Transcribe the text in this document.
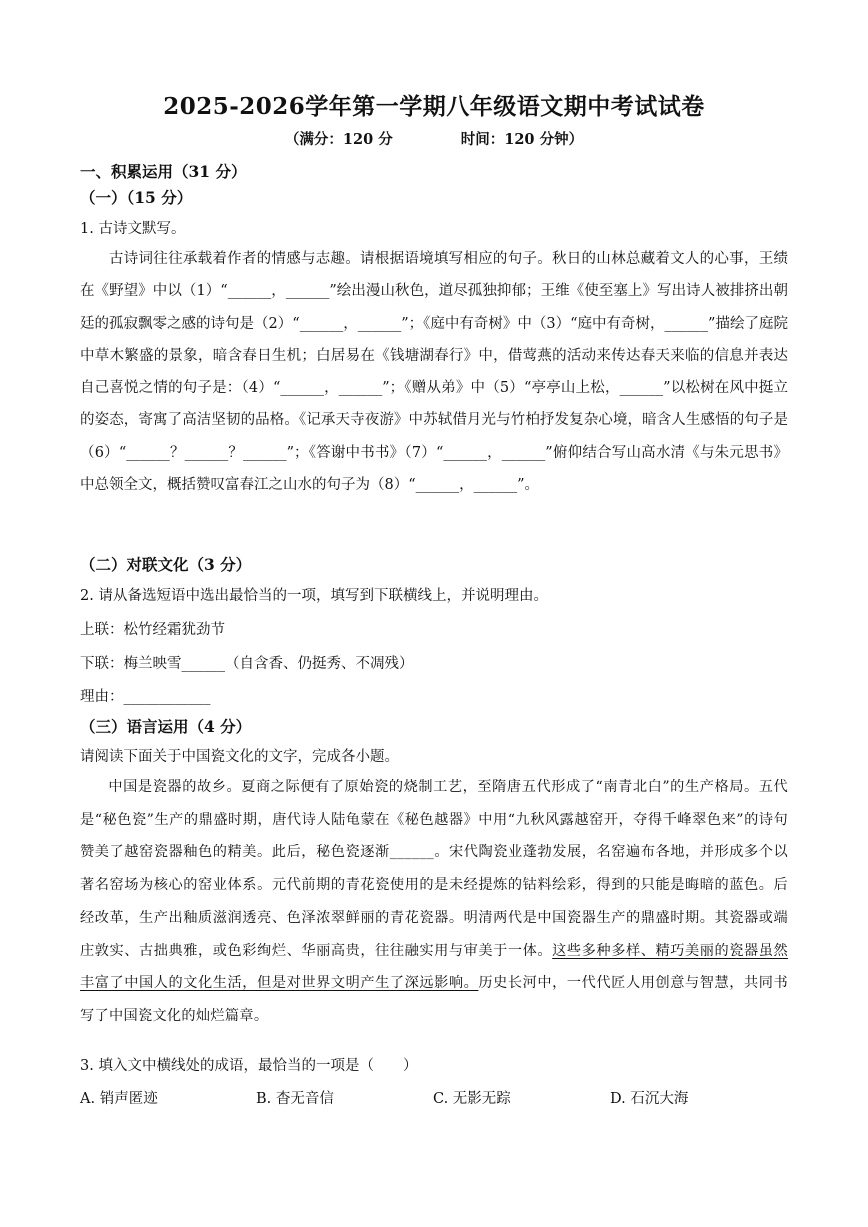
2025-2026学年第一学期八年级语文期中考试试卷
（满分：120 分	时间：120 分钟）
一、积累运用（31 分）
（一）（15 分）
1. 古诗文默写。

古诗词往往承载着作者的情感与志趣。请根据语境填写相应的句子。秋日的山林总藏着文人的心事，王绩在《野望》中以（1）“______，______”绘出漫山秋色，道尽孤独抑郁；王维《使至塞上》写出诗人被排挤出朝廷的孤寂飘零之感的诗句是（2）“______，______”；《庭中有奇树》中（3）“庭中有奇树，______”描绘了庭院中草木繁盛的景象，暗含春日生机；白居易在《钱塘湖春行》中，借莺燕的活动来传达春天来临的信息并表达自己喜悦之情的句子是：（4）“______，______”；《赠从弟》中（5）“亭亭山上松，______”以松树在风中挺立的姿态，寄寓了高洁坚韧的品格。《记承天寺夜游》中苏轼借月光与竹柏抒发复杂心境，暗含人生感悟的句子是（6）“______？______？______”；《答谢中书书》（7）“______，______”俯仰结合写山高水清《与朱元思书》中总领全文，概括赞叹富春江之山水的句子为（8）“______，______”。

（二）对联文化（3 分）
2. 请从备选短语中选出最恰当的一项，填写到下联横线上，并说明理由。
上联：松竹经霜犹劲节
下联：梅兰映雪______（自含香、仍挺秀、不凋残）
理由：____________
（三）语言运用（4 分）
请阅读下面关于中国瓷文化的文字，完成各小题。

中国是瓷器的故乡。夏商之际便有了原始瓷的烧制工艺，至隋唐五代形成了“南青北白”的生产格局。五代是“秘色瓷”生产的鼎盛时期，唐代诗人陆龟蒙在《秘色越器》中用“九秋风露越窑开，夺得千峰翠色来”的诗句赞美了越窑瓷器釉色的精美。此后，秘色瓷逐渐______。宋代陶瓷业蓬勃发展，名窑遍布各地，并形成多个以著名窑场为核心的窑业体系。元代前期的青花瓷使用的是未经提炼的钴料绘彩，得到的只能是晦暗的蓝色。后经改革，生产出釉质滋润透亮、色泽浓翠鲜丽的青花瓷器。明清两代是中国瓷器生产的鼎盛时期。其瓷器或端庄敦实、古拙典雅，或色彩绚烂、华丽高贵，往往融实用与审美于一体。这些多种多样、精巧美丽的瓷器虽然丰富了中国人的文化生活，但是对世界文明产生了深远影响。历史长河中，一代代匠人用创意与智慧，共同书写了中国瓷文化的灿烂篇章。

3. 填入文中横线处的成语，最恰当的一项是（　　）
A. 销声匿迹	B. 杳无音信	C. 无影无踪	D. 石沉大海
